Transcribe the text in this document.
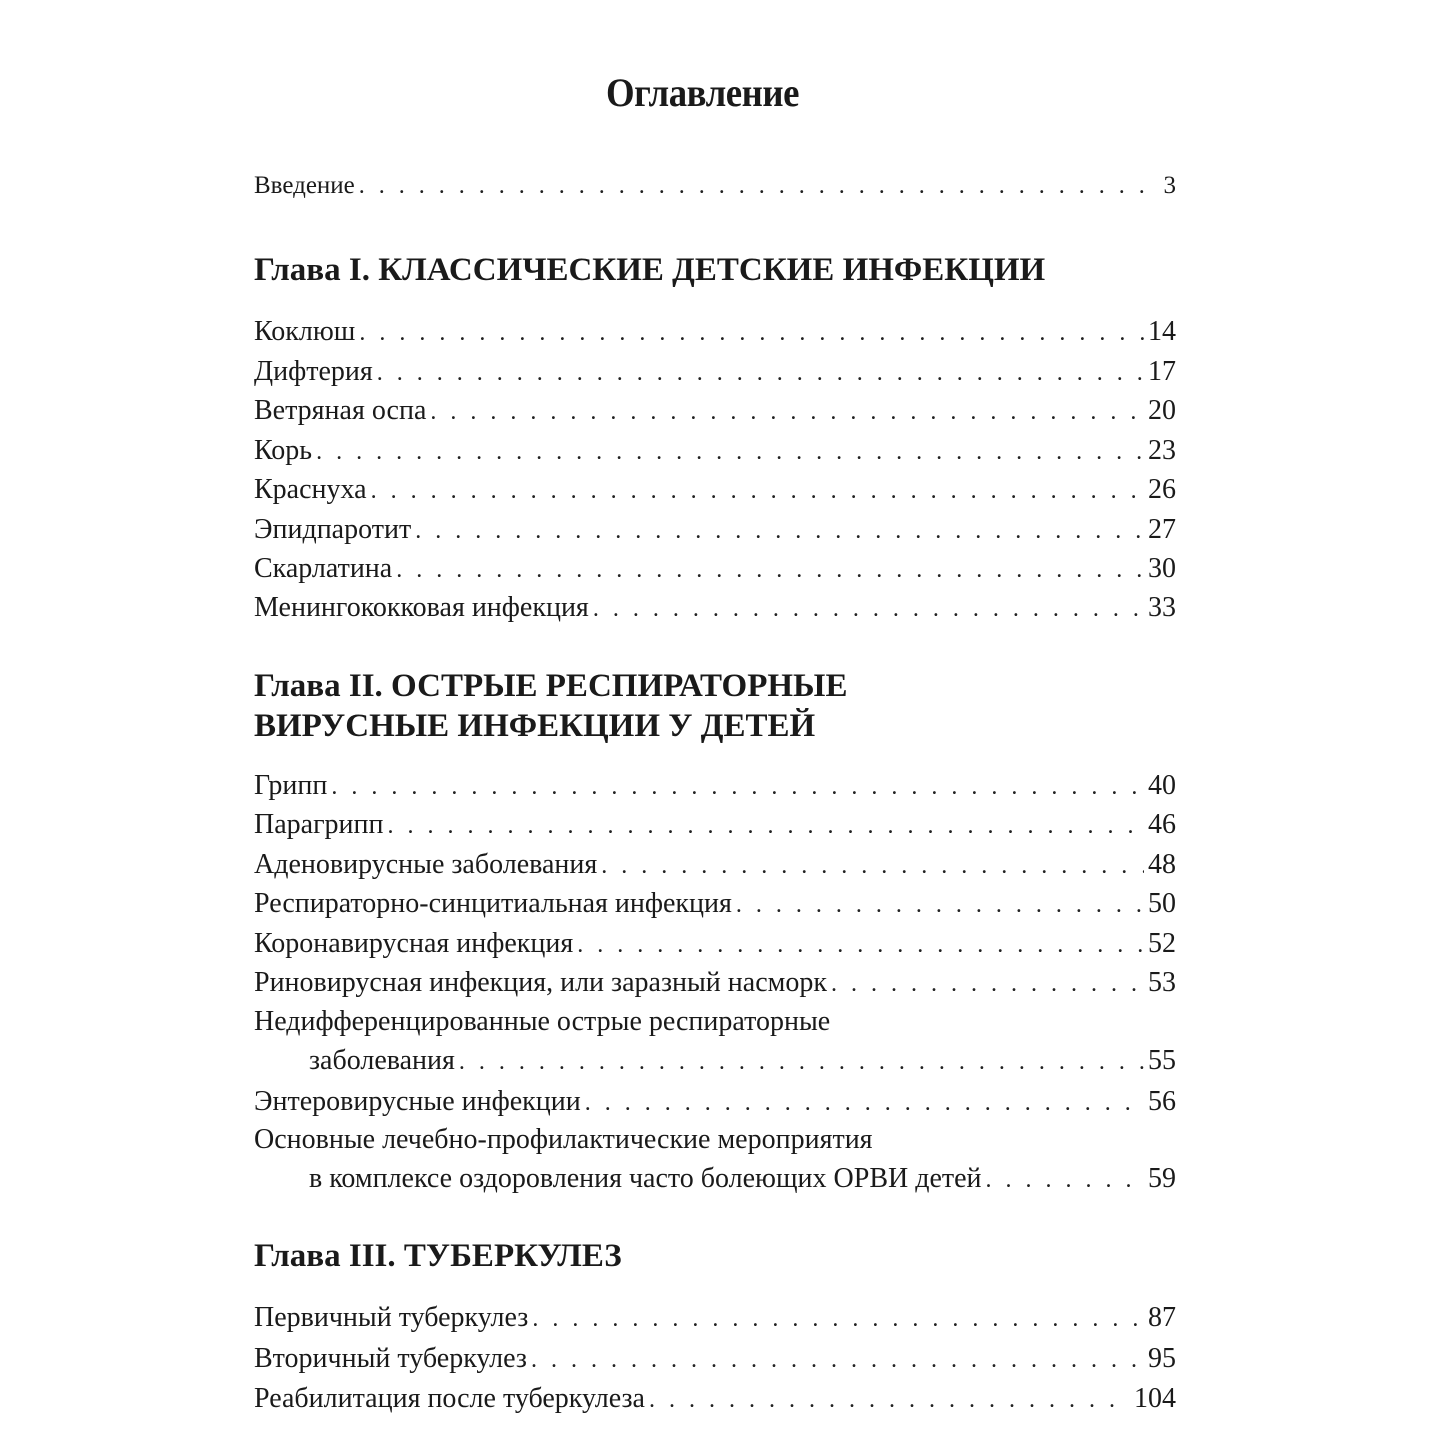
Оглавление
Введение . . .	3
Глава I. КЛАССИЧЕСКИЕ ДЕТСКИЕ ИНФЕКЦИИ
Коклюш . . .	14
Дифтерия . . .	17
Ветряная оспа . . .	20
Корь . . .	23
Краснуха . . .	26
Эпидпаротит . . .	27
Скарлатина . . .	30
Менингококковая инфекция . . .	33
Глава II. ОСТРЫЕ РЕСПИРАТОРНЫЕ
ВИРУСНЫЕ ИНФЕКЦИИ У ДЕТЕЙ
Грипп . . .	40
Парагрипп . . .	46
Аденовирусные заболевания . . .	48
Респираторно-синцитиальная инфекция . . .	50
Коронавирусная инфекция . . .	52
Риновирусная инфекция, или заразный насморк . . .	53
Недифференцированные острые респираторные
заболевания . . .	55
Энтеровирусные инфекции . . .	56
Основные лечебно-профилактические мероприятия
в комплексе оздоровления часто болеющих ОРВИ детей . . .	59
Глава III. ТУБЕРКУЛЕЗ
Первичный туберкулез . . .	87
Вторичный туберкулез . . .	95
Реабилитация после туберкулеза . . .	104
